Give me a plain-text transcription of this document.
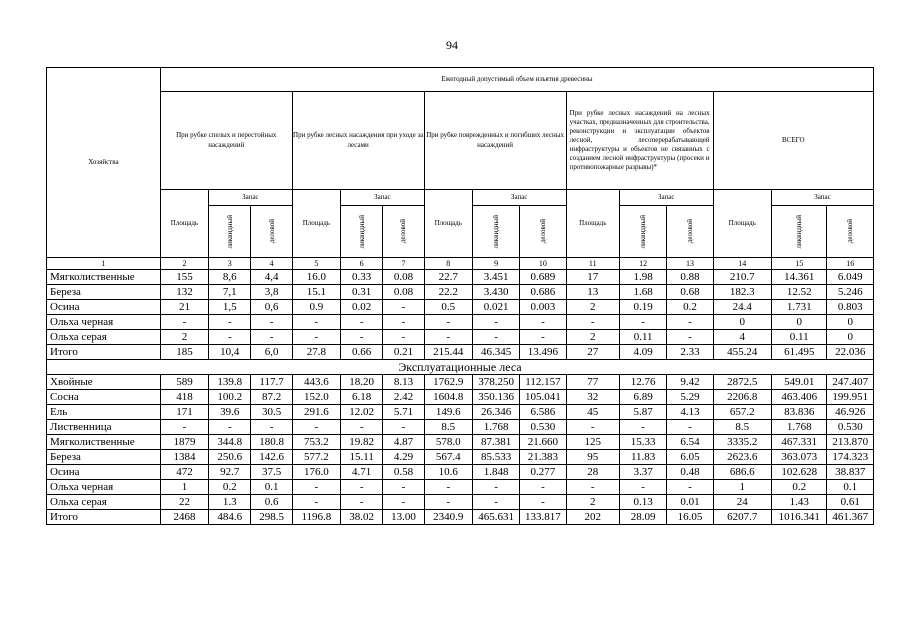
94
Хозяйства	Ежегодный допустимый объем изъятия древесины														
	При рубке спелых и перестойных насаждений			При рубке лесных насаждения при уходе за лесами			При рубке поврежденных и погибших лесных насаждений			При рубке лесных насаждений на лесных участках, предназначенных для строительства, реконструкции и эксплуатации объектов лесной, лесоперерабатывающей инфраструктуры и объектов не связанных с созданием лесной инфраструктуры (просеки и противопожарные разрывы)*			ВСЕГО		
	Площадь	Запас		Площадь	Запас		Площадь	Запас		Площадь	Запас		Площадь	Запас	

		ликвидный	деловой		ликвидный	деловой		ликвидный	деловой		ликвидный	деловой		ликвидный	деловой

1	2	3	4	5	6	7	8	9	10	11	12	13	14	15	16
Мягколиственные	155	8,6	4,4	16.0	0.33	0.08	22.7	3.451	0.689	17	1.98	0.88	210.7	14.361	6.049
Береза	132	7,1	3,8	15.1	0.31	0.08	22.2	3.430	0.686	13	1.68	0.68	182.3	12.52	5.246
Осина	21	1,5	0,6	0.9	0.02	-	0.5	0.021	0.003	2	0.19	0.2	24.4	1.731	0.803
Ольха черная	-	-	-	-	-	-	-	-	-	-	-	-	0	0	0
Ольха серая	2	-	-	-	-	-	-	-	-	2	0.11	-	4	0.11	0
Итого	185	10,4	6,0	27.8	0.66	0.21	215.44	46.345	13.496	27	4.09	2.33	455.24	61.495	22.036
Эксплуатационные леса															
Хвойные	589	139.8	117.7	443.6	18.20	8.13	1762.9	378.250	112.157	77	12.76	9.42	2872.5	549.01	247.407
Сосна	418	100.2	87.2	152.0	6.18	2.42	1604.8	350.136	105.041	32	6.89	5.29	2206.8	463.406	199.951
Ель	171	39.6	30.5	291.6	12.02	5.71	149.6	26.346	6.586	45	5.87	4.13	657.2	83.836	46.926
Лиственница	-	-	-	-	-	-	8.5	1.768	0.530	-	-	-	8.5	1.768	0.530
Мягколиственные	1879	344.8	180.8	753.2	19.82	4.87	578.0	87.381	21.660	125	15.33	6.54	3335.2	467.331	213.870
Береза	1384	250.6	142.6	577.2	15.11	4.29	567.4	85.533	21.383	95	11.83	6.05	2623.6	363.073	174.323
Осина	472	92.7	37.5	176.0	4.71	0.58	10.6	1.848	0.277	28	3.37	0.48	686.6	102.628	38.837
Ольха черная	1	0.2	0.1	-	-	-	-	-	-	-	-	-	1	0.2	0.1
Ольха серая	22	1.3	0.6	-	-	-	-	-	-	2	0.13	0.01	24	1.43	0.61
Итого	2468	484.6	298.5	1196.8	38.02	13.00	2340.9	465.631	133.817	202	28.09	16.05	6207.7	1016.341	461.367
